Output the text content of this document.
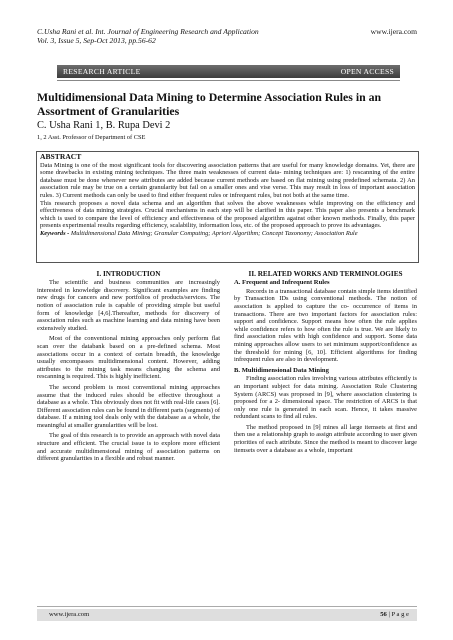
C.Usha Rani et al. Int. Journal of Engineering Research and Application
Vol. 3, Issue 5, Sep-Oct 2013, pp.56-62
www.ijera.com
RESEARCH ARTICLE	OPEN ACCESS
Multidimensional Data Mining to Determine Association Rules in an Assortment of Granularities
C. Usha Rani 1, B. Rupa Devi 2
1, 2 Asst. Professor of Department of CSE
ABSTRACT

Data Mining is one of the most significant tools for discovering association patterns that are useful for many knowledge domains. Yet, there are some drawbacks in existing mining techniques. The three main weaknesses of current data- mining techniques are: 1) rescanning of the entire database must be done whenever new attributes are added because current methods are based on flat mining using predefined schemata. 2) An association rule may be true on a certain granularity but fail on a smaller ones and vise verse. This may result in loss of important association rules. 3) Current methods can only be used to find either frequent rules or infrequent rules, but not both at the same time.

This research proposes a novel data schema and an algorithm that solves the above weaknesses while improving on the efficiency and effectiveness of data mining strategies. Crucial mechanisms in each step will be clarified in this paper. This paper also presents a benchmark which is used to compare the level of efficiency and effectiveness of the proposed algorithm against other known methods. Finally, this paper presents experimental results regarding efficiency, scalability, information loss, etc. of the proposed approach to prove its advantages.

Keywords - Multidimensional Data Mining; Granular Computing; Apriori Algorithm; Concept Taxonomy; Association Rule

I. INTRODUCTION

The scientific and business communities are increasingly interested in knowledge discovery. Significant examples are finding new drugs for cancers and new portfolios of products/services. The notion of association rule is capable of providing simple but useful form of knowledge [4,6].Thereafter, methods for discovery of association rules such as machine learning and data mining have been extensively studied.

Most of the conventional mining approaches only perform flat scan over the databank based on a pre-defined schema. Most associations occur in a context of certain breadth, the knowledge usually encompasses multidimensional content. However, adding attributes to the mining task means changing the schema and rescanning is required. This is highly inefficient.

The second problem is most conventional mining approaches assume that the induced rules should be effective throughout a database as a whole. This obviously does not fit with real-life cases [6]. Different association rules can be found in different parts (segments) of database. If a mining tool deals only with the database as a whole, the meaningful at smaller granularities will be lost.

The goal of this research is to provide an approach with novel data structure and efficient. The crucial issue is to explore more efficient and accurate multidimensional mining of association patterns on different granularities in a flexible and robust manner.

II. RELATED WORKS AND TERMINOLOGIES
A. Frequent and Infrequent Rules

Records in a transactional database contain simple items identified by Transaction IDs using conventional methods. The notion of association is applied to capture the co- occurrence of items in transactions. There are two important factors for association rules: support and confidence. Support means how often the rule applies while confidence refers to how often the rule is true. We are likely to find association rules with high confidence and support. Some data mining approaches allow users to set minimum support/confidence as the threshold for mining [6, 10]. Efficient algorithms for finding infrequent rules are also in development.

B. Multidimensional Data Mining

Finding association rules involving various attributes efficiently is an important subject for data mining. Association Rule Clustering System (ARCS) was proposed in [9], where association clustering is proposed for a 2- dimensional space. The restriction of ARCS is that only one rule is generated in each scan. Hence, it takes massive redundant scans to find all rules.

The method proposed in [9] mines all large itemsets at first and then use a relationship graph to assign attribute according to user given priorities of each attribute. Since the method is meant to discover large itemsets over a database as a whole, important

www.ijera.com	56 | P a g e
